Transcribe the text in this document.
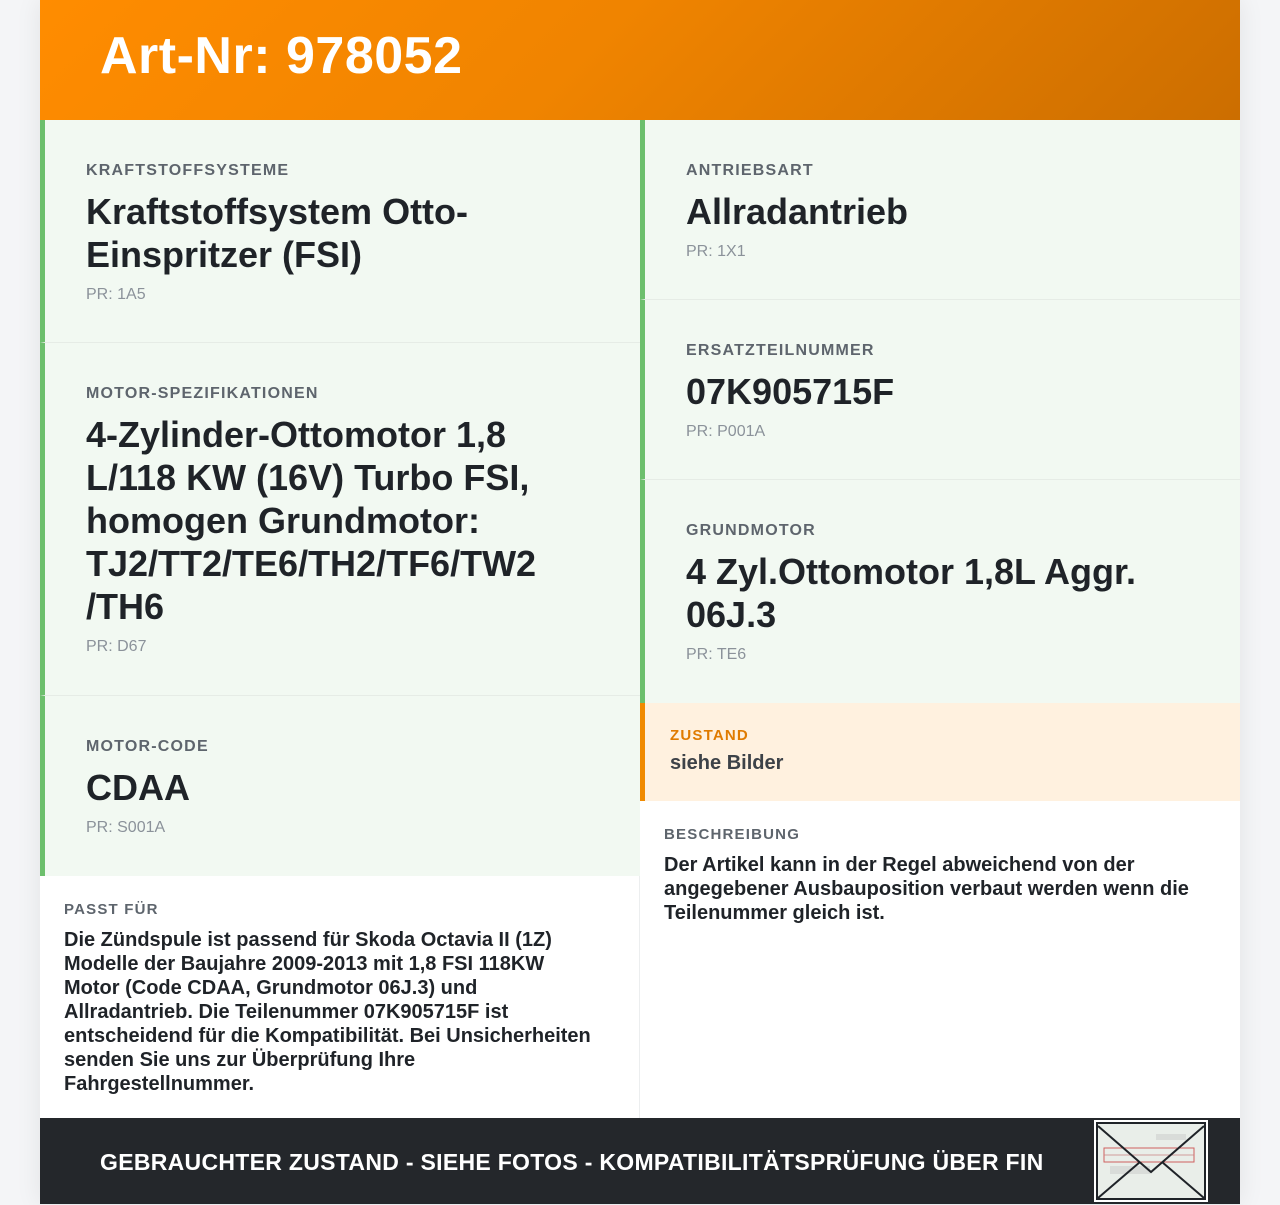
Art-Nr: 978052
KRAFTSTOFFSYSTEME
Kraftstoffsystem Otto-Einspritzer (FSI)
PR: 1A5
MOTOR-SPEZIFIKATIONEN
4-Zylinder-Ottomotor 1,8 L/118 KW (16V) Turbo FSI, homogen Grundmotor: TJ2/TT2/TE6/TH2/TF6/TW2 /TH6
PR: D67
MOTOR-CODE
CDAA
PR: S001A
ANTRIEBSART
Allradantrieb
PR: 1X1
ERSATZTEILNUMMER
07K905715F
PR: P001A
GRUNDMOTOR
4 Zyl.Ottomotor 1,8L Aggr. 06J.3
PR: TE6
ZUSTAND
siehe Bilder
BESCHREIBUNG
Der Artikel kann in der Regel abweichend von der angegebener Ausbauposition verbaut werden wenn die Teilenummer gleich ist.
PASST FÜR
Die Zündspule ist passend für Skoda Octavia II (1Z) Modelle der Baujahre 2009-2013 mit 1,8 FSI 118KW Motor (Code CDAA, Grundmotor 06J.3) und Allradantrieb. Die Teilenummer 07K905715F ist entscheidend für die Kompatibilität. Bei Unsicherheiten senden Sie uns zur Überprüfung Ihre Fahrgestellnummer.
GEBRAUCHTER ZUSTAND - SIEHE FOTOS - KOMPATIBILITÄTSPRÜFUNG ÜBER FIN
